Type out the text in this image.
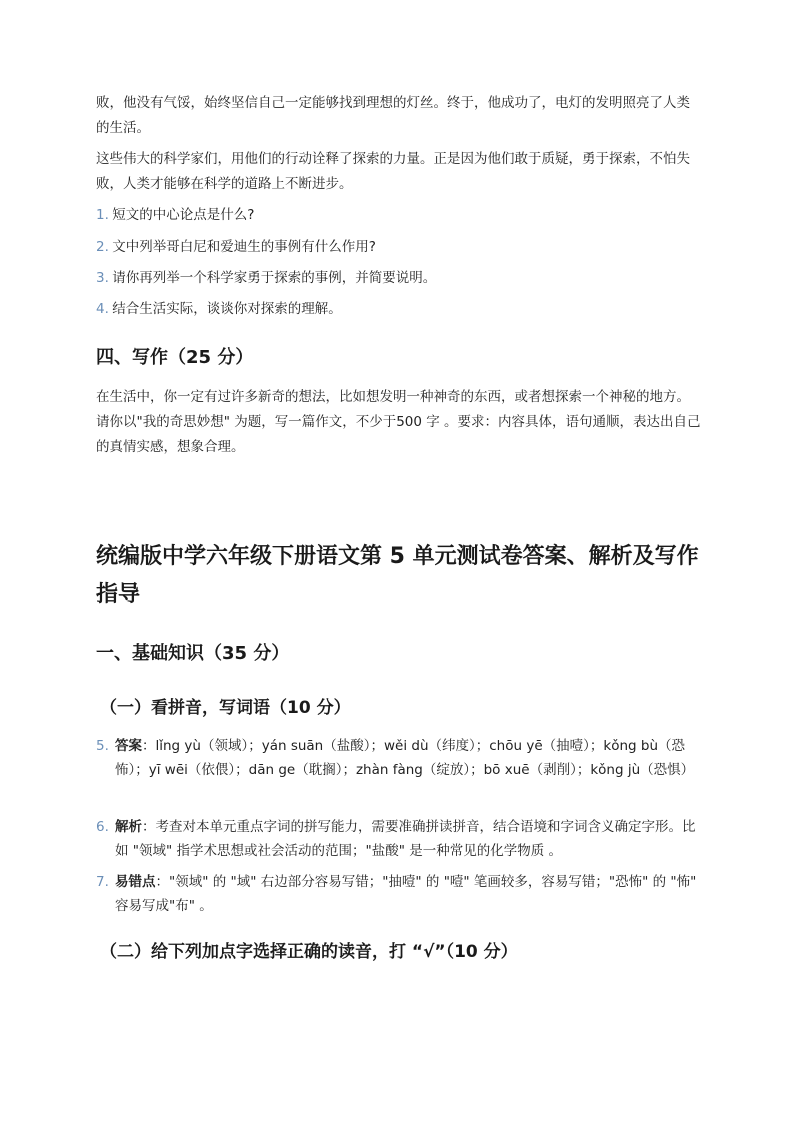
败，他没有气馁，始终坚信自己一定能够找到理想的灯丝。终于，他成功了，电灯的发明照亮了人类的生活。

这些伟大的科学家们，用他们的行动诠释了探索的力量。正是因为他们敢于质疑，勇于探索，不怕失败，人类才能够在科学的道路上不断进步。

1. 短文的中心论点是什么?
2. 文中列举哥白尼和爱迪生的事例有什么作用?
3. 请你再列举一个科学家勇于探索的事例，并简要说明。
4. 结合生活实际，谈谈你对探索的理解。
四、写作（25 分）

在生活中，你一定有过许多新奇的想法，比如想发明一种神奇的东西，或者想探索一个神秘的地方。请你以"我的奇思妙想" 为题，写一篇作文，不少于500 字 。要求：内容具体，语句通顺，表达出自己的真情实感，想象合理。

统编版中学六年级下册语文第 5 单元测试卷答案、解析及写作指导
一、基础知识（35 分）
（一）看拼音，写词语（10 分）
5. 答案：lǐng yù（领域）；yán suān（盐酸）；wěi dù（纬度）；chōu yē（抽噎）；kǒng bù（恐怖）；yī wēi（依偎）；dān ge（耽搁）；zhàn fàng（绽放）；bō xuē（剥削）；kǒng jù（恐惧）
6. 解析：考查对本单元重点字词的拼写能力，需要准确拼读拼音，结合语境和字词含义确定字形。比如 "领域" 指学术思想或社会活动的范围；"盐酸" 是一种常见的化学物质 。
7. 易错点："领域" 的 "域" 右边部分容易写错；"抽噎" 的 "噎" 笔画较多，容易写错；"恐怖" 的 "怖" 容易写成"布" 。
（二）给下列加点字选择正确的读音，打 “√”（10 分）
